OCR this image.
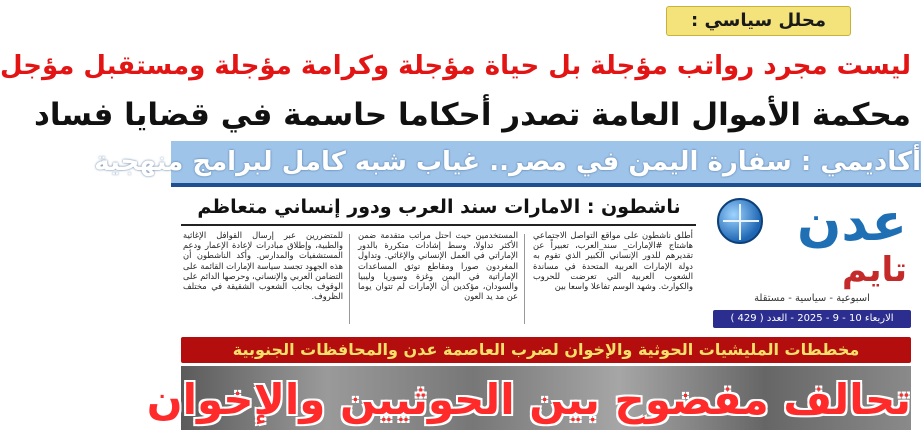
محلل سياسي :
ليست مجرد رواتب مؤجلة بل حياة مؤجلة وكرامة مؤجلة ومستقبل مؤجل
محكمة الأموال العامة تصدر أحكاما حاسمة في قضايا فساد
أكاديمي : سفارة اليمن في مصر.. غياب شبه كامل لبرامج منهجية
ناشطون : الامارات سند العرب ودور إنساني متعاظم
أطلق ناشطون على مواقع التواصل الاجتماعي هاشتاج #الإمارات_ سند_العرب، تعبيراً عن تقديرهم للدور الإنساني الكبير الذي تقوم به دولة الإمارات العربية المتحدة في مساندة الشعوب العربية التي تعرضت للحروب والكوارث. وشهد الوسم تفاعلا واسعا بين
المستخدمين حيث احتل مراتب متقدمة ضمن الأكثر تداولا، وسط إشادات متكررة بالدور الإماراتي في العمل الإنساني والإغاثي. وتداول المغردون صورا ومقاطع توثق المساعدات الإماراتية في اليمن وغزة وسوريا وليبيا والسودان، مؤكدين أن الإمارات لم تتوان يوما عن مد يد العون
للمتضررين عبر إرسال القوافل الإغاثية والطبية، وإطلاق مبادرات لإعادة الإعمار ودعم المستشفيات والمدارس. وأكد الناشطون أن هذه الجهود تجسد سياسة الإمارات القائمة على التضامن العربي والإنساني، وحرصها الدائم على الوقوف بجانب الشعوب الشقيقة في مختلف الظروف.
عدن
تايم
اسبوعية - سياسية - مستقلة
الاربعاء 10 - 9 - 2025 - العدد ( 429 )
مخططات المليشيات الحوثية والإخوان لضرب العاصمة عدن والمحافظات الجنوبية
تحالف مفضوح بين الحوثيين والإخوان
